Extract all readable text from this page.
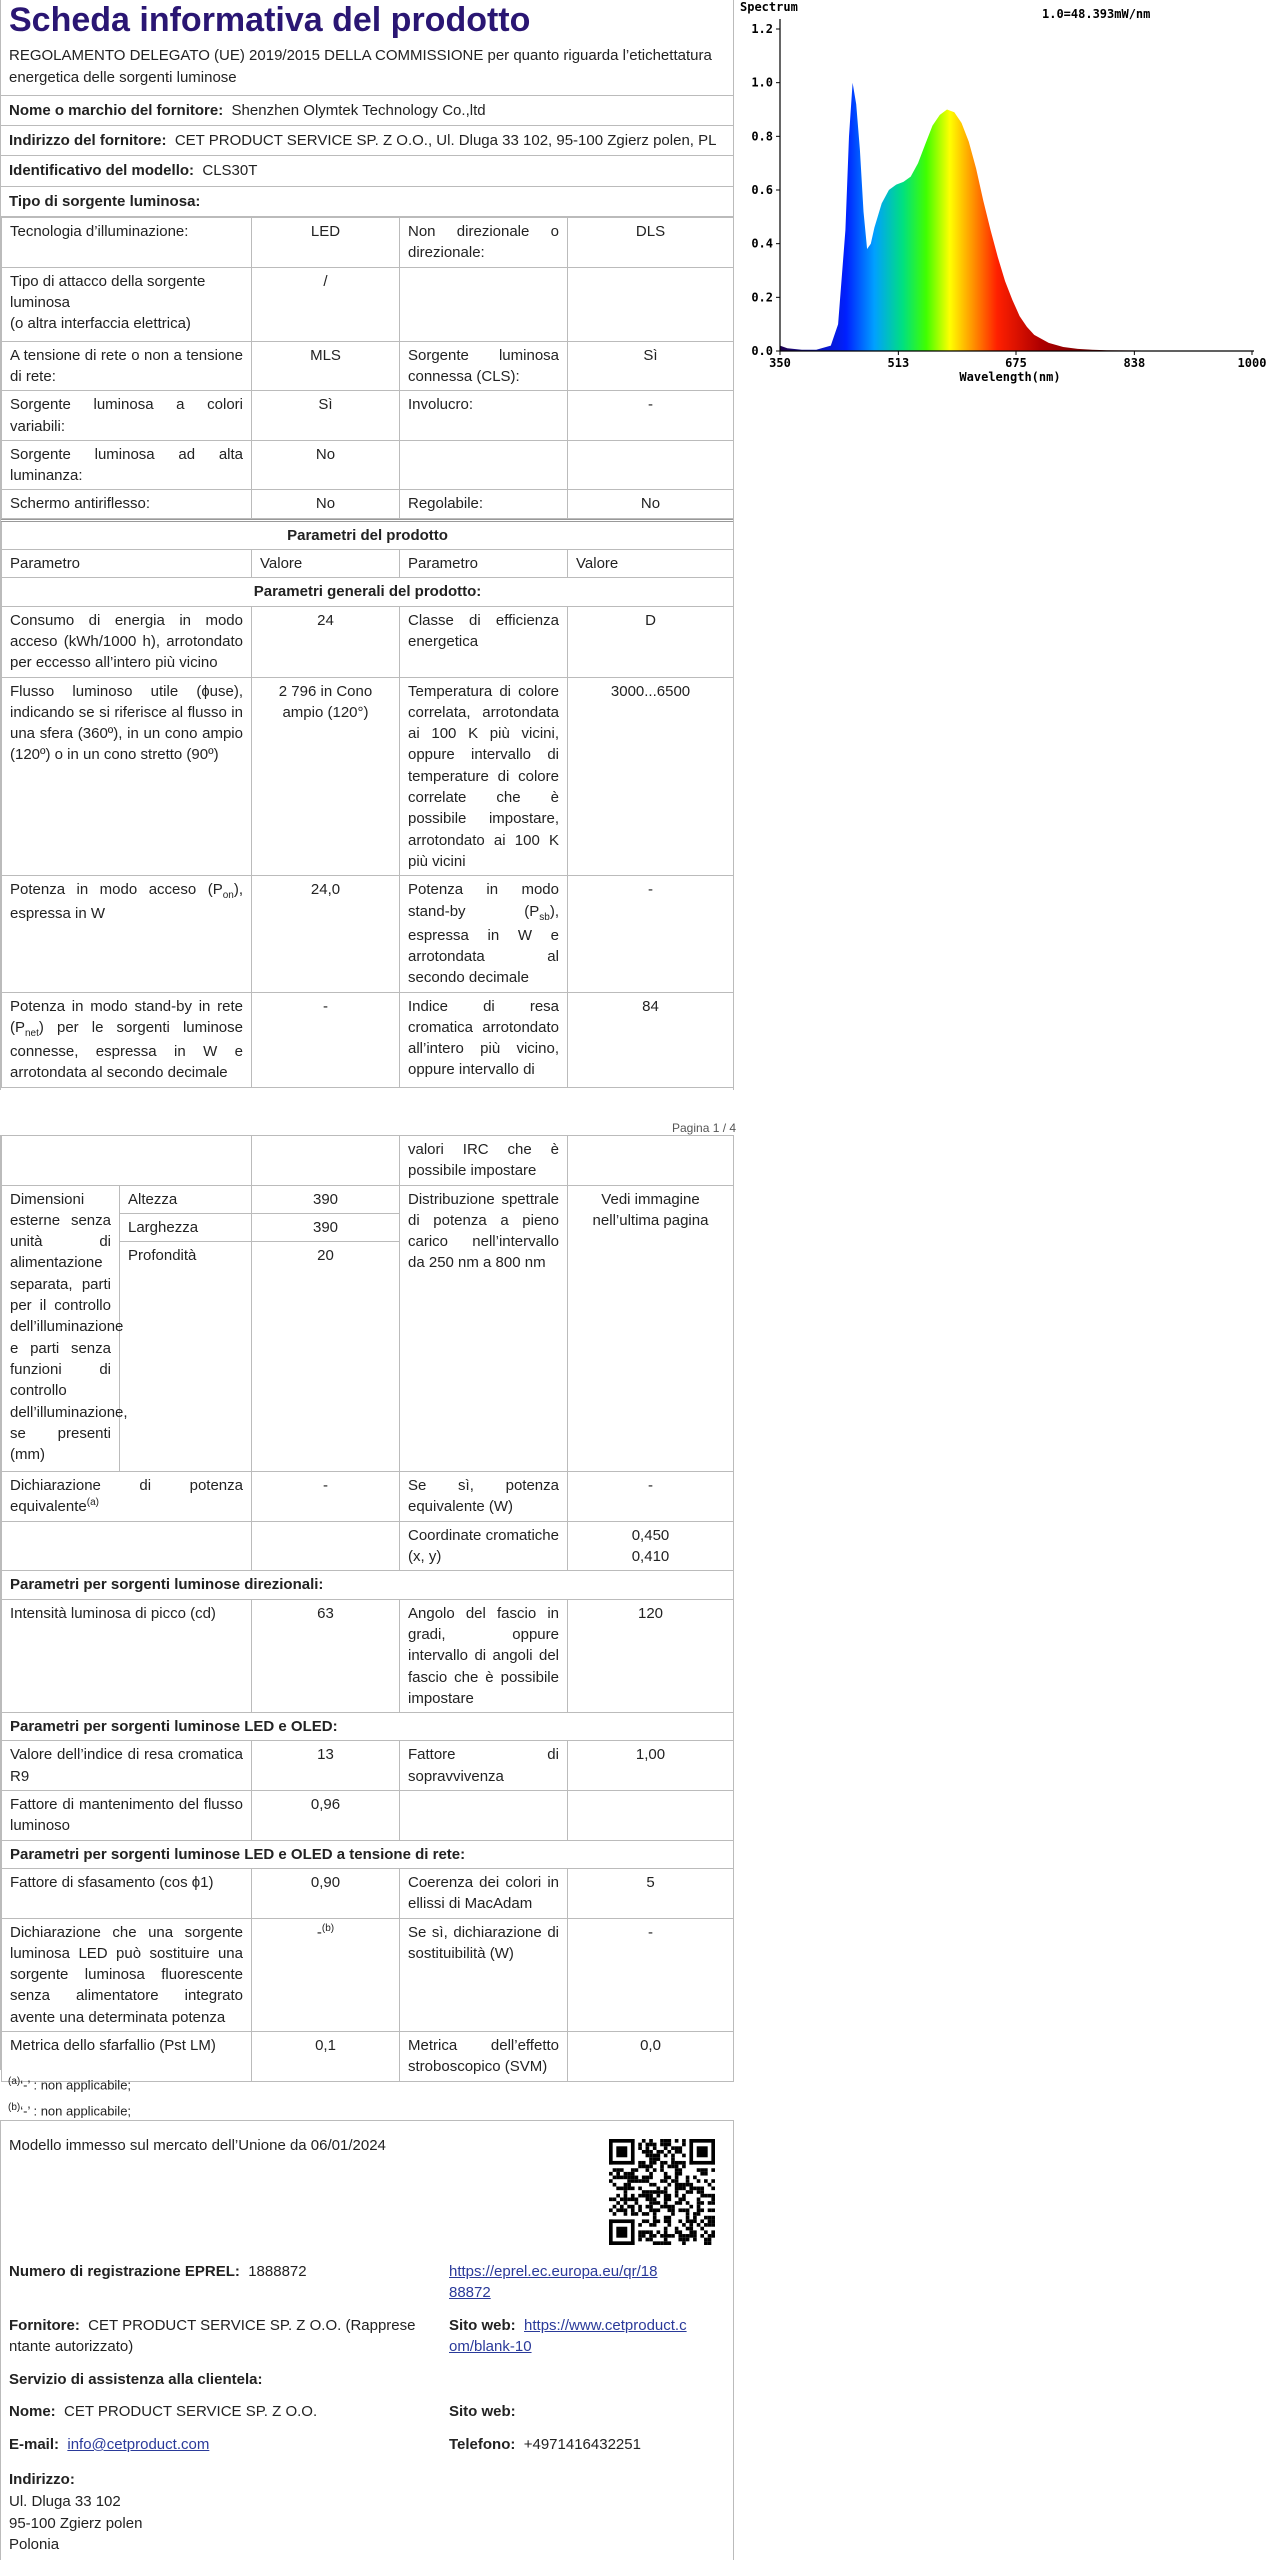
Scheda informativa del prodotto
REGOLAMENTO DELEGATO (UE) 2019/2015 DELLA COMMISSIONE per quanto riguarda l’etichettatura energetica delle sorgenti luminose
Nome o marchio del fornitore: Shenzhen Olymtek Technology Co.,ltd
Indirizzo del fornitore: CET PRODUCT SERVICE SP. Z O.O., Ul. Dluga 33 102, 95-100 Zgierz polen, PL
Identificativo del modello: CLS30T
Tipo di sorgente luminosa:
Tecnologia d’illuminazione:	LED	Non direzionale o direzionale:	DLS

Tipo di attacco della sorgente luminosa
(o altra interfaccia elettrica)	/		
A tensione di rete o non a tensione di rete:	MLS	Sorgente luminosa connessa (CLS):	Sì
Sorgente luminosa a colori variabili:	Sì	Involucro:	-
Sorgente luminosa ad alta luminanza:	No		
Schermo antiriflesso:	No	Regolabile:	No
Parametri del prodotto			
Parametro	Valore	Parametro	Valore
Parametri generali del prodotto:			
Consumo di energia in modo acceso (kWh/1000 h), arrotondato per eccesso all’intero più vicino	24	Classe di efficienza energetica	D
Flusso luminoso utile (ɸuse), indicando se si riferisce al flusso in una sfera (360º), in un cono ampio (120º) o in un cono stretto (90º)	2 796 in Cono ampio (120°)	Temperatura di colore correlata, arrotondata ai 100 K più vicini, oppure intervallo di temperature di colore correlate che è possibile impostare, arrotondato ai 100 K più vicini	3000...6500
Potenza in modo acceso $(P_{on})$, espressa in W	24,0	Potenza in modo stand-by $(P_{sb})$, espressa in W e arrotondata al secondo decimale	-
Potenza in modo stand-by in rete $(P_{net})$ per le sorgenti luminose connesse, espressa in W e arrotondata al secondo decimale	-	Indice di resa cromatica arrotondato all’intero più vicino, oppure intervallo di	84
Pagina 1 / 4
0.0
0.2
0.4
0.6
0.8
1.0
1.2
350	513	675	838	1000
Spectrum	1.0=48.393mW/nm
Wavelength(nm)
			valori IRC che è possibile impostare	
Dimensioni esterne senza unità di alimentazione separata, parti per il controllo dell’illuminazione e parti senza funzioni di controllo dell’illuminazione, se presenti (mm)	Altezza	390	Distribuzione spettrale di potenza a pieno carico nell’intervallo da 250 nm a 800 nm	Vedi immagine nell’ultima pagina
	Larghezza	390		
	Profondità	20		
Dichiarazione di potenza equivalente$^{(a)}$		-	Se sì, potenza equivalente (W)	-
			Coordinate cromatiche (x, y)	0,450
0,410

Parametri per sorgenti luminose direzionali:				
Intensità luminosa di picco (cd)		63	Angolo del fascio in gradi, oppure intervallo di angoli del fascio che è possibile impostare	120
Parametri per sorgenti luminose LED e OLED:				
Valore dell’indice di resa cromatica R9		13	Fattore di sopravvivenza	1,00
Fattore di mantenimento del flusso luminoso		0,96		
Parametri per sorgenti luminose LED e OLED a tensione di rete:				
Fattore di sfasamento (cos ϕ1)		0,90	Coerenza dei colori in ellissi di MacAdam	5
Dichiarazione che una sorgente luminosa LED può sostituire una sorgente luminosa fluorescente senza alimentatore integrato avente una determinata potenza		-$^{(b)}$	Se sì, dichiarazione di sostituibilità (W)	-
Metrica dello sfarfallio (Pst LM)		0,1	Metrica dell’effetto stroboscopico (SVM)	0,0
$^{(a)}$‘-’ : non applicabile;
$^{(b)}$‘-’ : non applicabile;
Modello immesso sul mercato dell’Unione da 06/01/2024
Numero di registrazione EPREL: 1888872	https://eprel.ec.europa.eu/qr/18
88872
Fornitore: CET PRODUCT SERVICE SP. Z O.O. (Rapprese
ntante autorizzato)
Sito web: https://www.cetproduct.c
om/blank-10
Servizio di assistenza alla clientela:
Nome: CET PRODUCT SERVICE SP. Z O.O.	Sito web:
E-mail: info@cetproduct.com	Telefono: +4971416432251
Indirizzo:
Ul. Dluga 33 102
95-100 Zgierz polen
Polonia
